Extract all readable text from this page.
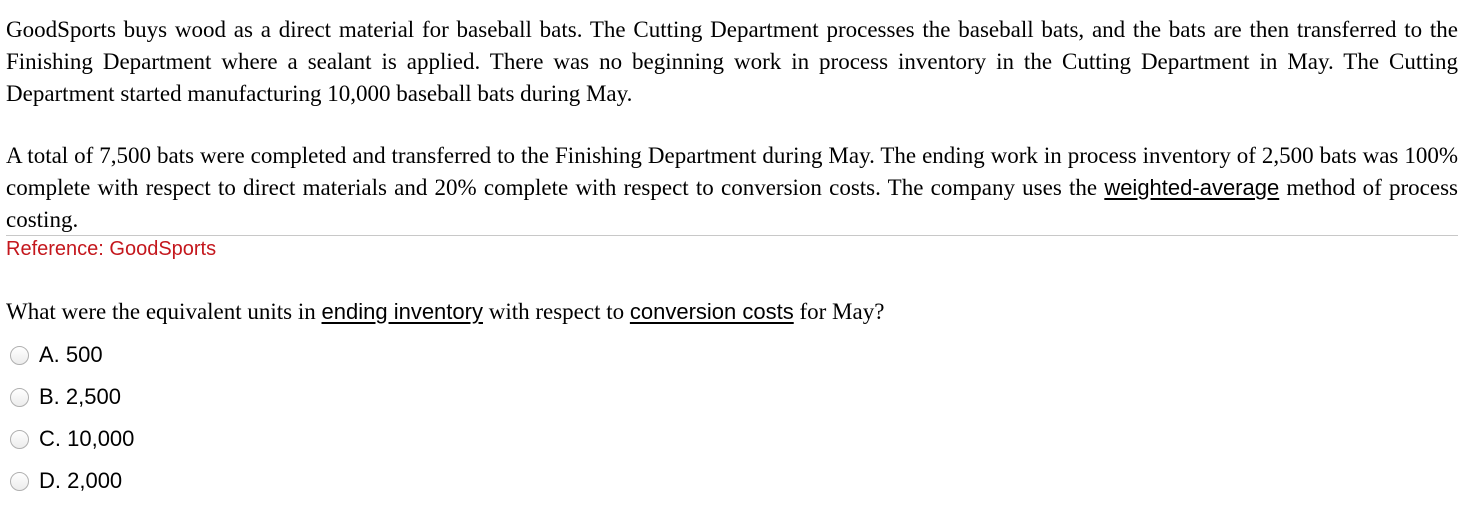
GoodSports buys wood as a direct material for baseball bats. The Cutting Department processes the baseball bats, and the bats are then transferred to the Finishing Department where a sealant is applied. There was no beginning work in process inventory in the Cutting Department in May. The Cutting Department started manufacturing 10,000 baseball bats during May.

A total of 7,500 bats were completed and transferred to the Finishing Department during May. The ending work in process inventory of 2,500 bats was 100% complete with respect to direct materials and 20% complete with respect to conversion costs. The company uses the weighted-average method of process costing.

Reference: GoodSports
What were the equivalent units in ending inventory with respect to conversion costs for May?
A. 500
B. 2,500
C. 10,000
D. 2,000
